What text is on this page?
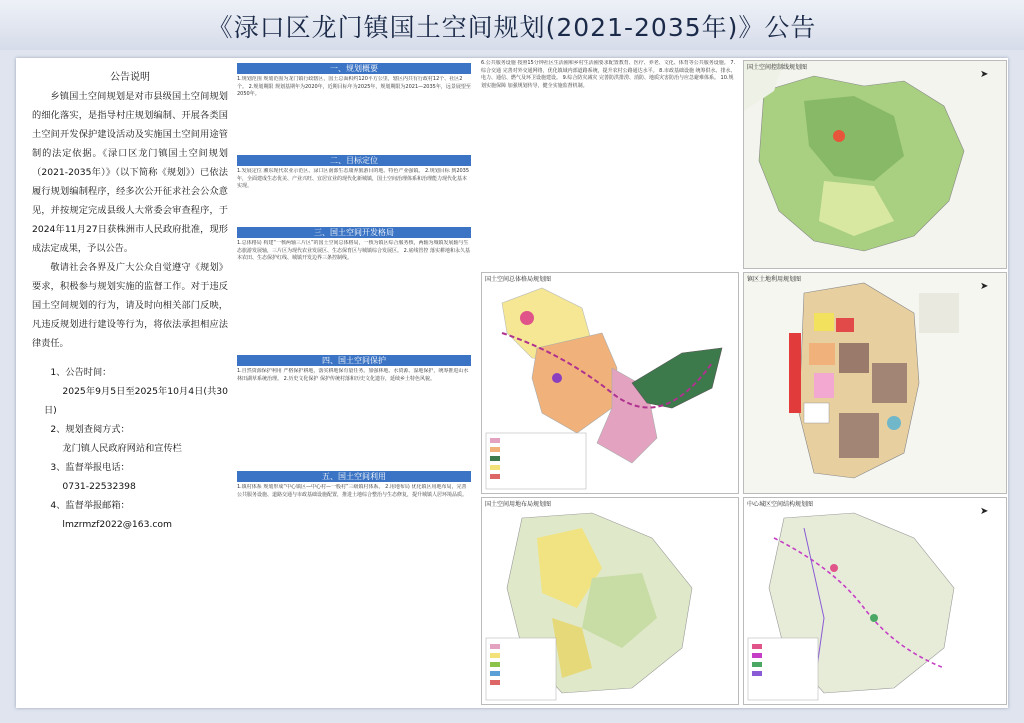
《渌口区龙门镇国土空间规划(2021-2035年)》公告
公告说明

乡镇国土空间规划是对市县级国土空间规划的细化落实，是指导村庄规划编制、开展各类国土空间开发保护建设活动及实施国土空间用途管制的法定依据。《渌口区龙门镇国土空间规划（2021-2035年）》（以下简称《规划》）已依法履行规划编制程序，经多次公开征求社会公众意见，并按规定完成县级人大常委会审查程序，于2024年11月27日获株洲市人民政府批准，现形成法定成果，予以公告。

敬请社会各界及广大公众自觉遵守《规划》要求，积极参与规划实施的监督工作。对于违反国土空间规划的行为，请及时向相关部门反映，凡违反规划进行建设等行为，将依法承担相应法律责任。

1、公告时间：

2025年9月5日至2025年10月4日(共30日)

2、规划查阅方式：

龙门镇人民政府网站和宣传栏

3、监督举报电话：

0731-22532398

4、监督举报邮箱：

lmzrmzf2022@163.com

一、规划概要
1.规划范围 规划范围为龙门镇行政辖区，国土总面积约120平方公里，辖区内共有行政村12个、社区2个。 2.规划期限 规划基期年为2020年，近期目标年为2025年，规划期限为2021—2035年，远景展望至2050年。
二、目标定位
1.发展定位 湘东现代农业示范区、渌口区南部生态康养旅游目的地、特色产业强镇。 2.规划目标 到2035年，全面建成生态优美、产业兴旺、宜居宜业的现代化新城镇，国土空间治理体系和治理能力现代化基本实现。
三、国土空间开发格局
1.总体格局 构建“一核两轴三片区”的国土空间总体格局，一核为镇区综合服务核，两轴为城镇发展轴与生态旅游发展轴，三片区为现代农业发展区、生态保育区与城镇综合发展区。 2.底线管控 落实耕地和永久基本农田、生态保护红线、城镇开发边界三条控制线。
四、国土空间保护
1.自然资源保护利用 严格保护耕地，落实耕地保有量任务。加强林地、水资源、湿地保护，统筹推进山水林田湖草系统治理。 2.历史文化保护 保护传统村落和历史文化遗存，延续乡土特色风貌。
五、国土空间利用
1.镇村体系 规划形成“中心镇区—中心村—一般村”三级镇村体系。 2.用地布局 优化镇区用地布局，完善公共服务设施、道路交通与市政基础设施配置，推进土地综合整治与生态修复，提升城镇人居环境品质。
6.公共服务设施 按照15分钟社区生活圈和乡村生活圈要求配置教育、医疗、养老、文化、体育等公共服务设施。 7.综合交通 完善对外交通网络，优化镇域内部道路系统，提升农村公路通达水平。 8.市政基础设施 统筹供水、排水、电力、通信、燃气及环卫设施建设。 9.综合防灾减灾 完善防洪排涝、消防、地质灾害防治与应急避难体系。 10.规划实施保障 加强规划传导，健全实施监督机制。
国土空间控制线规划图
➤
国土空间总体格局规划图	镇区土地利用规划图
➤
国土空间用地布局规划图	中心城区空间结构规划图
➤
